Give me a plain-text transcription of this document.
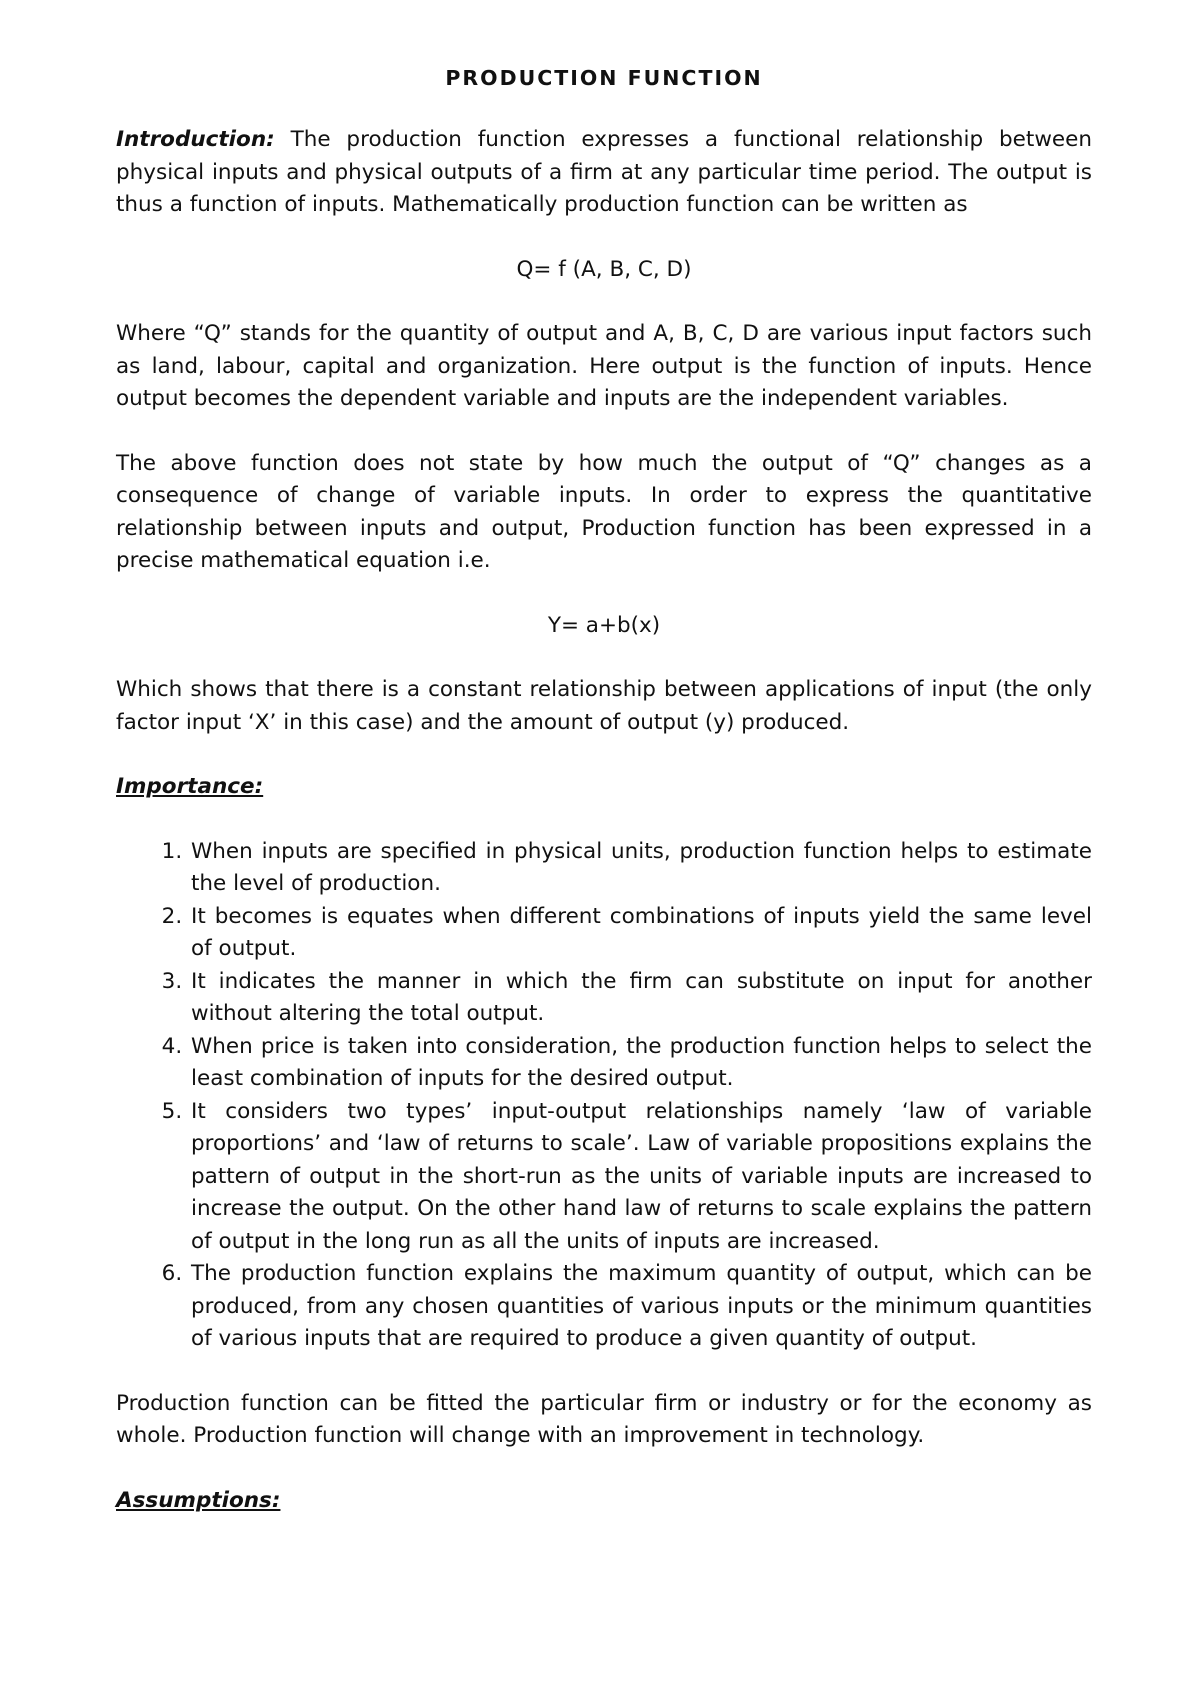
PRODUCTION FUNCTION

Introduction: The production function expresses a functional relationship between physical inputs and physical outputs of a firm at any particular time period. The output is thus a function of inputs. Mathematically production function can be written as

Q= f (A, B, C, D)

Where “Q” stands for the quantity of output and A, B, C, D are various input factors such as land, labour, capital and organization. Here output is the function of inputs. Hence output becomes the dependent variable and inputs are the independent variables.

The above function does not state by how much the output of “Q” changes as a consequence of change of variable inputs. In order to express the quantitative relationship between inputs and output, Production function has been expressed in a precise mathematical equation i.e.

Y= a+b(x)

Which shows that there is a constant relationship between applications of input (the only factor input ‘X’ in this case) and the amount of output (y) produced.

Importance:
1. When inputs are specified in physical units, production function helps to estimate the level of production.
2. It becomes is equates when different combinations of inputs yield the same level of output.
3. It indicates the manner in which the firm can substitute on input for another without altering the total output.
4. When price is taken into consideration, the production function helps to select the least combination of inputs for the desired output.
5. It considers two types’ input-output relationships namely ‘law of variable proportions’ and ‘law of returns to scale’. Law of variable propositions explains the pattern of output in the short-run as the units of variable inputs are increased to increase the output. On the other hand law of returns to scale explains the pattern of output in the long run as all the units of inputs are increased.
6. The production function explains the maximum quantity of output, which can be produced, from any chosen quantities of various inputs or the minimum quantities of various inputs that are required to produce a given quantity of output.

Production function can be fitted the particular firm or industry or for the economy as whole. Production function will change with an improvement in technology.

Assumptions:
